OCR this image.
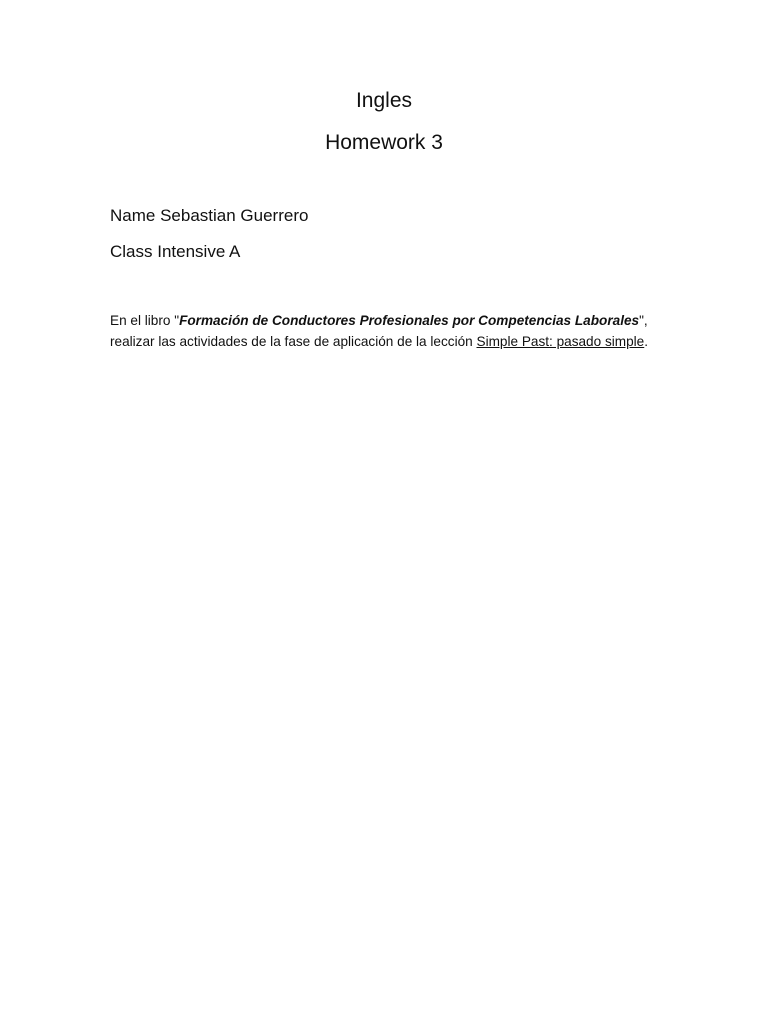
Ingles
Homework 3
Name Sebastian Guerrero
Class Intensive A
En el libro "Formación de Conductores Profesionales por Competencias Laborales", realizar las actividades de la fase de aplicación de la lección Simple Past: pasado simple.
